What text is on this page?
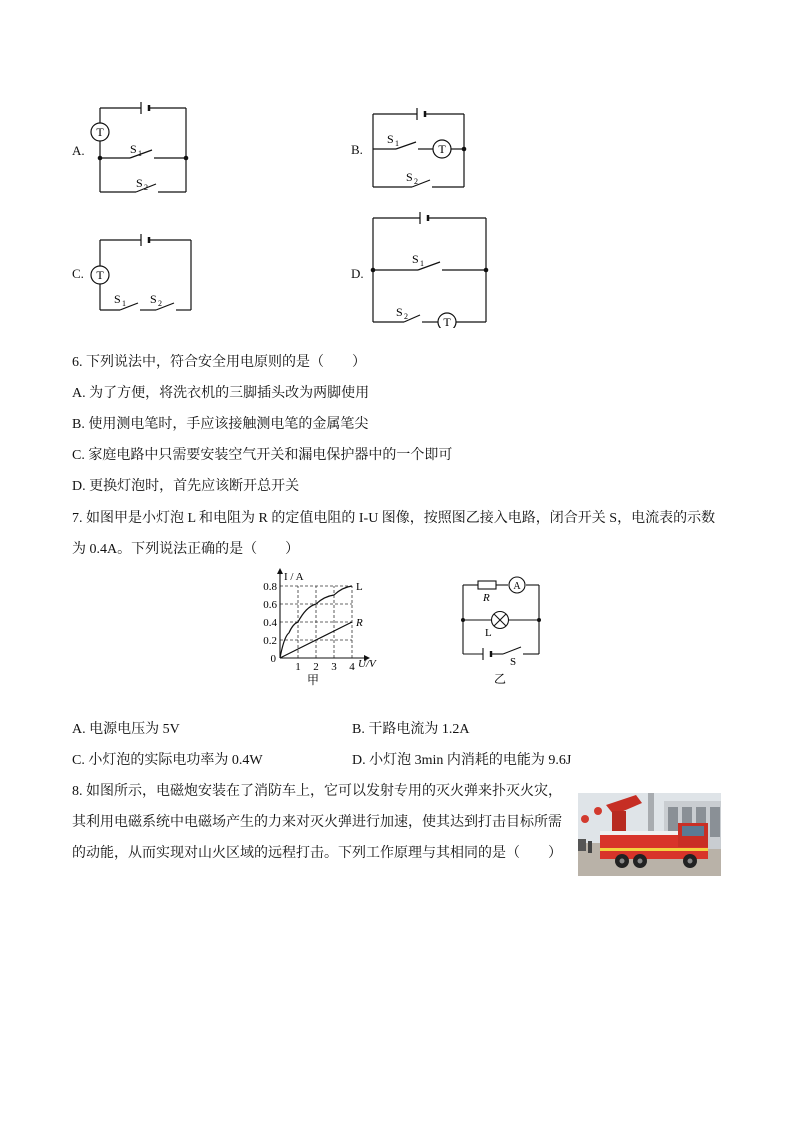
A.
T
S 1
S 2
B.	T
S 1
S 2
C. T
S 1 S 2
D.
T
S 1
S 2
6. 下列说法中，符合安全用电原则的是（　　）
A. 为了方便，将洗衣机的三脚插头改为两脚使用
B. 使用测电笔时，手应该接触测电笔的金属笔尖
C. 家庭电路中只需要安装空气开关和漏电保护器中的一个即可
D. 更换灯泡时，首先应该断开总开关
7. 如图甲是小灯泡 L 和电阻为 R 的定值电阻的 I-U 图像，按照图乙接入电路，闭合开关 S，电流表的示数
为 0.4A。下列说法正确的是（　　）
1 2 3 4
0.2
0.4
0.6
0.8
0
I / A
U/V
L
R
甲
A
R
L
S
乙
A. 电源电压为 5V	B. 干路电流为 1.2A
C. 小灯泡的实际电功率为 0.4W	D. 小灯泡 3min 内消耗的电能为 9.6J
8. 如图所示，电磁炮安装在了消防车上，它可以发射专用的灭火弹来扑灭火灾，
其利用电磁系统中电磁场产生的力来对灭火弹进行加速，使其达到打击目标所需
的动能，从而实现对山火区域的远程打击。下列工作原理与其相同的是（　　）
